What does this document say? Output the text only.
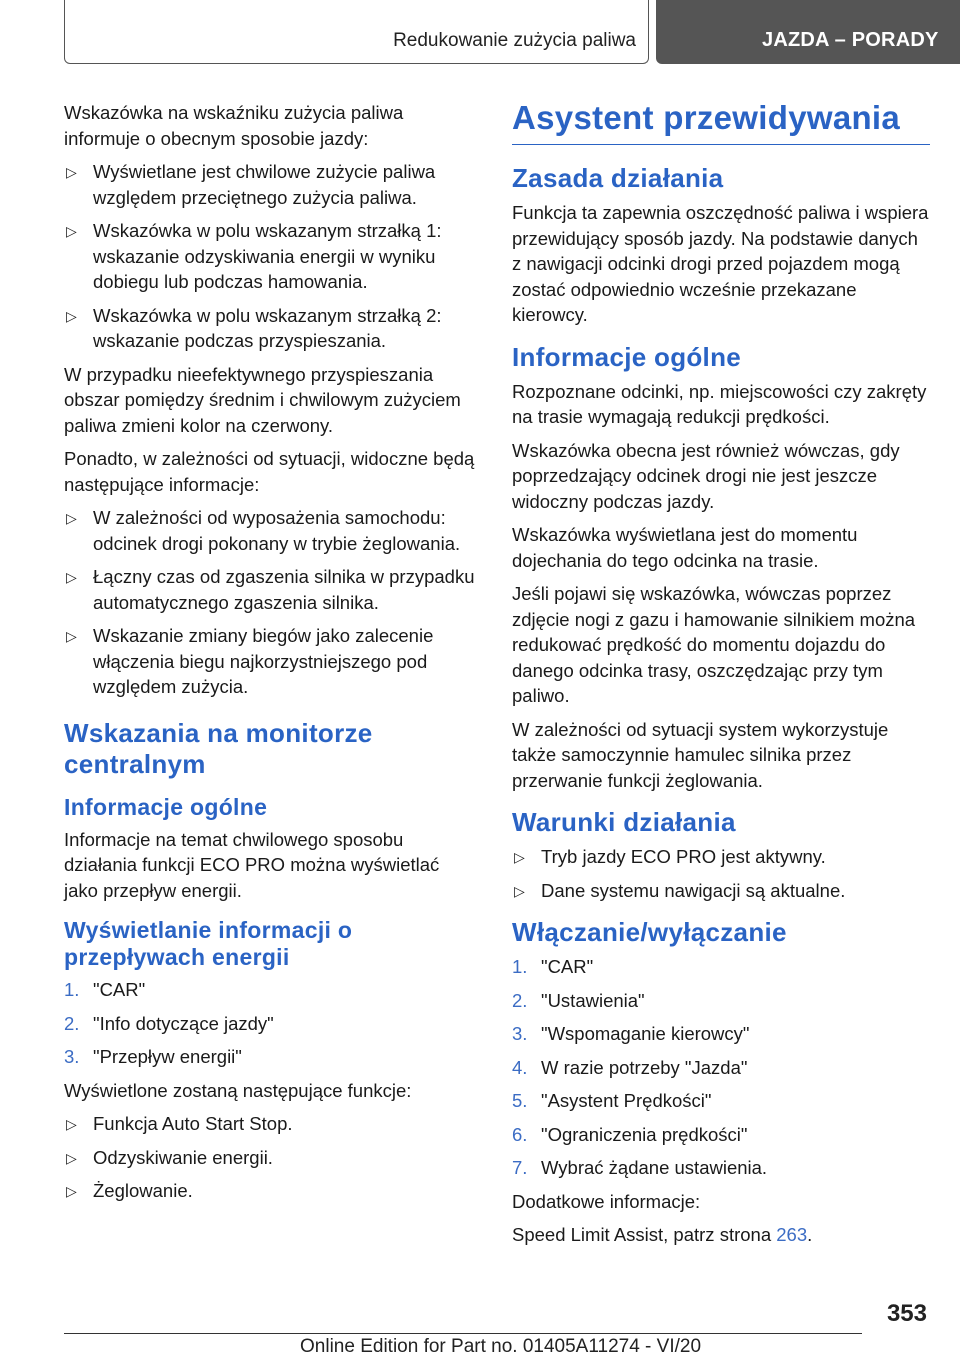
Redukowanie zużycia paliwa	JAZDA – PORADY

Wskazówka na wskaźniku zużycia paliwa informuje o obecnym sposobie jazdy:

▷ Wyświetlane jest chwilowe zużycie paliwa względem przeciętnego zużycia paliwa.
▷ Wskazówka w polu wskazanym strzałką 1: wskazanie odzyskiwania energii w wyniku dobiegu lub podczas hamowania.
▷ Wskazówka w polu wskazanym strzałką 2: wskazanie podczas przyspieszania.

W przypadku nieefektywnego przyspieszania obszar pomiędzy średnim i chwilowym zużyciem paliwa zmieni kolor na czerwony.

Ponadto, w zależności od sytuacji, widoczne będą następujące informacje:

▷ W zależności od wyposażenia samochodu: odcinek drogi pokonany w trybie żeglowania.
▷ Łączny czas od zgaszenia silnika w przypadku automatycznego zgaszenia silnika.
▷ Wskazanie zmiany biegów jako zalecenie włączenia biegu najkorzystniejszego pod względem zużycia.
Wskazania na monitorze centralnym
Informacje ogólne

Informacje na temat chwilowego sposobu działania funkcji ECO PRO można wyświetlać jako przepływ energii.

Wyświetlanie informacji o przepływach energii
1. "CAR"
2. "Info dotyczące jazdy"
3. "Przepływ energii"

Wyświetlone zostaną następujące funkcje:

▷ Funkcja Auto Start Stop.
▷ Odzyskiwanie energii.
▷ Żeglowanie.
Asystent przewidywania
Zasada działania

Funkcja ta zapewnia oszczędność paliwa i wspiera przewidujący sposób jazdy. Na podstawie danych z nawigacji odcinki drogi przed pojazdem mogą zostać odpowiednio wcześnie przekazane kierowcy.

Informacje ogólne

Rozpoznane odcinki, np. miejscowości czy zakręty na trasie wymagają redukcji prędkości.

Wskazówka obecna jest również wówczas, gdy poprzedzający odcinek drogi nie jest jeszcze widoczny podczas jazdy.

Wskazówka wyświetlana jest do momentu dojechania do tego odcinka na trasie.

Jeśli pojawi się wskazówka, wówczas poprzez zdjęcie nogi z gazu i hamowanie silnikiem można redukować prędkość do momentu dojazdu do danego odcinka trasy, oszczędzając przy tym paliwo.

W zależności od sytuacji system wykorzystuje także samoczynnie hamulec silnika przez przerwanie funkcji żeglowania.

Warunki działania
▷ Tryb jazdy ECO PRO jest aktywny.
▷ Dane systemu nawigacji są aktualne.
Włączanie/wyłączanie
1. "CAR"
2. "Ustawienia"
3. "Wspomaganie kierowcy"
4. W razie potrzeby "Jazda"
5. "Asystent Prędkości"
6. "Ograniczenia prędkości"
7. Wybrać żądane ustawienia.

Dodatkowe informacje:

Speed Limit Assist, patrz strona 263.

353
Online Edition for Part no. 01405A11274 - VI/20
